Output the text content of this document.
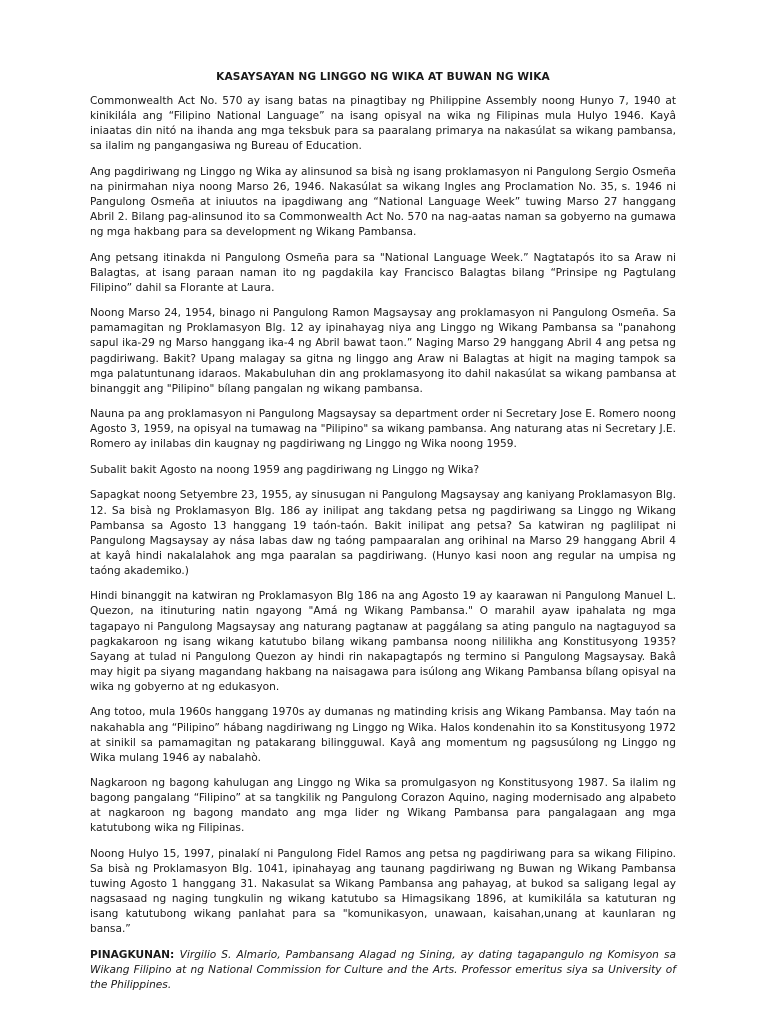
KASAYSAYAN NG LINGGO NG WIKA AT BUWAN NG WIKA

Commonwealth Act No. 570 ay isang batas na pinagtibay ng Philippine Assembly noong Hunyo 7, 1940 at kinikilála ang “Filipino National Language” na isang opisyal na wika ng Filipinas mula Hulyo 1946. Kayâ iniaatas din nitó na ihanda ang mga teksbuk para sa paaralang primarya na nakasúlat sa wikang pambansa, sa ilalim ng pangangasiwa ng Bureau of Education.

Ang pagdiriwang ng Linggo ng Wika ay alinsunod sa bisà ng isang proklamasyon ni Pangulong Sergio Osmeña na pinirmahan niya noong Marso 26, 1946. Nakasúlat sa wikang Ingles ang Proclamation No. 35, s. 1946 ni Pangulong Osmeña at iniuutos na ipagdiwang ang “National Language Week” tuwing Marso 27 hanggang Abril 2. Bilang pag-alinsunod ito sa Commonwealth Act No. 570 na nag-aatas naman sa gobyerno na gumawa ng mga hakbang para sa development ng Wikang Pambansa.

Ang petsang itinakda ni Pangulong Osmeña para sa "National Language Week.” Nagtatapós ito sa Araw ni Balagtas, at isang paraan naman ito ng pagdakila kay Francisco Balagtas bilang “Prinsipe ng Pagtulang Filipino” dahil sa Florante at Laura.

Noong Marso 24, 1954, binago ni Pangulong Ramon Magsaysay ang proklamasyon ni Pangulong Osmeña. Sa pamamagitan ng Proklamasyon Blg. 12 ay ipinahayag niya ang Linggo ng Wikang Pambansa sa "panahong sapul ika-29 ng Marso hanggang ika-4 ng Abril bawat taon.” Naging Marso 29 hanggang Abril 4 ang petsa ng pagdiriwang. Bakit? Upang malagay sa gitna ng linggo ang Araw ni Balagtas at higit na maging tampok sa mga palatuntunang idaraos. Makabuluhan din ang proklamasyong ito dahil nakasúlat sa wikang pambansa at binanggit ang "Pilipino" bílang pangalan ng wikang pambansa.

Nauna pa ang proklamasyon ni Pangulong Magsaysay sa department order ni Secretary Jose E. Romero noong Agosto 3, 1959, na opisyal na tumawag na "Pilipino" sa wikang pambansa. Ang naturang atas ni Secretary J.E. Romero ay inilabas din kaugnay ng pagdiriwang ng Linggo ng Wika noong 1959.

Subalit bakit Agosto na noong 1959 ang pagdiriwang ng Linggo ng Wika?

Sapagkat noong Setyembre 23, 1955, ay sinusugan ni Pangulong Magsaysay ang kaniyang Proklamasyon Blg. 12. Sa bisà ng Proklamasyon Blg. 186 ay inilipat ang takdang petsa ng pagdiriwang sa Linggo ng Wikang Pambansa sa Agosto 13 hanggang 19 taón-taón. Bakit inilipat ang petsa? Sa katwiran ng paglilipat ni Pangulong Magsaysay ay nása labas daw ng taóng pampaaralan ang orihinal na Marso 29 hanggang Abril 4 at kayâ hindi nakalalahok ang mga paaralan sa pagdiriwang. (Hunyo kasi noon ang regular na umpisa ng taóng akademiko.)

Hindi binanggit na katwiran ng Proklamasyon Blg 186 na ang Agosto 19 ay kaarawan ni Pangulong Manuel L. Quezon, na itinuturing natin ngayong "Amá ng Wikang Pambansa." O marahil ayaw ipahalata ng mga tagapayo ni Pangulong Magsaysay ang naturang pagtanaw at paggálang sa ating pangulo na nagtaguyod sa pagkakaroon ng isang wikang katutubo bilang wikang pambansa noong nililikha ang Konstitusyong 1935? Sayang at tulad ni Pangulong Quezon ay hindi rin nakapagtapós ng termino si Pangulong Magsaysay. Bakâ may higit pa siyang magandang hakbang na naisagawa para isúlong ang Wikang Pambansa bílang opisyal na wika ng gobyerno at ng edukasyon.

Ang totoo, mula 1960s hanggang 1970s ay dumanas ng matinding krisis ang Wikang Pambansa. May taón na nakahabla ang “Pilipino” hábang nagdiriwang ng Linggo ng Wika. Halos kondenahin ito sa Konstitusyong 1972 at sinikil sa pamamagitan ng patakarang bilingguwal. Kayâ ang momentum ng pagsusúlong ng Linggo ng Wika mulang 1946 ay nabalahò.

Nagkaroon ng bagong kahulugan ang Linggo ng Wika sa promulgasyon ng Konstitusyong 1987. Sa ilalim ng bagong pangalang “Filipino” at sa tangkilik ng Pangulong Corazon Aquino, naging modernisado ang alpabeto at nagkaroon ng bagong mandato ang mga lider ng Wikang Pambansa para pangalagaan ang mga katutubong wika ng Filipinas.

Noong Hulyo 15, 1997, pinalakí ni Pangulong Fidel Ramos ang petsa ng pagdiriwang para sa wikang Filipino. Sa bisà ng Proklamasyon Blg. 1041, ipinahayag ang taunang pagdiriwang ng Buwan ng Wikang Pambansa tuwing Agosto 1 hanggang 31. Nakasulat sa Wikang Pambansa ang pahayag, at bukod sa saligang legal ay nagsasaad ng naging tungkulin ng wikang katutubo sa Himagsikang 1896, at kumikilála sa katuturan ng isang katutubong wikang panlahat para sa "komunikasyon, unawaan, kaisahan,unang at kaunlaran ng bansa.”

PINAGKUNAN: Virgilio S. Almario, Pambansang Alagad ng Sining, ay dating tagapangulo ng Komisyon sa Wikang Filipino at ng National Commission for Culture and the Arts. Professor emeritus siya sa University of the Philippines.
